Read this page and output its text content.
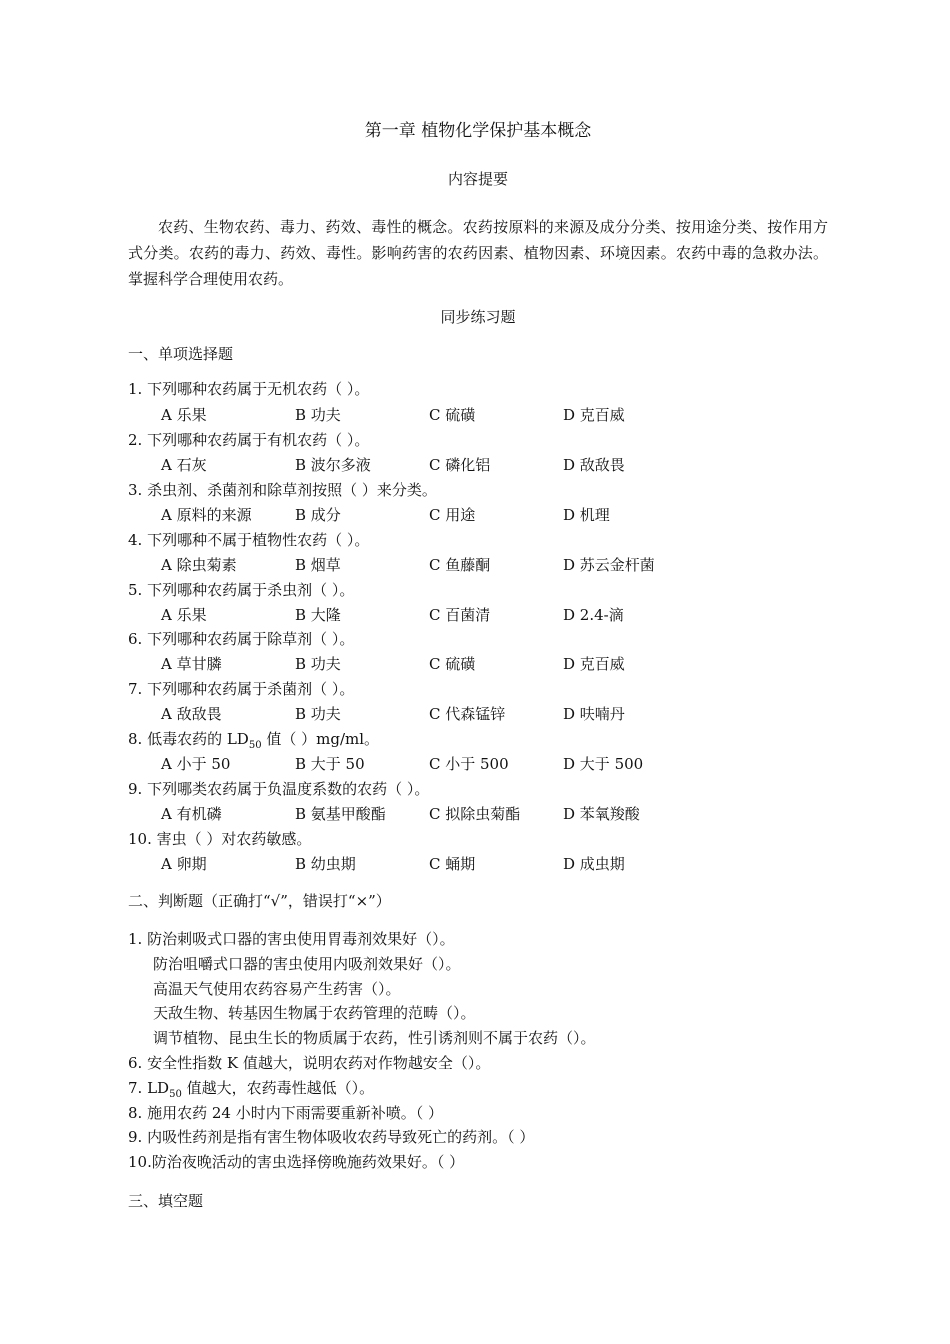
第一章 植物化学保护基本概念
内容提要
农药、生物农药、毒力、药效、毒性的概念。农药按原料的来源及成分分类、按用途分类、按作用方式分类。农药的毒力、药效、毒性。影响药害的农药因素、植物因素、环境因素。农药中毒的急救办法。掌握科学合理使用农药。
同步练习题
一、单项选择题
1. 下列哪种农药属于无机农药（ ）。
A 乐果	B 功夫	C 硫磺	D 克百威
2. 下列哪种农药属于有机农药（ ）。
A 石灰	B 波尔多液	C 磷化铝	D 敌敌畏
3. 杀虫剂、杀菌剂和除草剂按照（ ）来分类。
A 原料的来源	B 成分	C 用途	D 机理
4. 下列哪种不属于植物性农药（ ）。
A 除虫菊素	B 烟草	C 鱼藤酮	D 苏云金杆菌
5. 下列哪种农药属于杀虫剂（ ）。
A 乐果	B 大隆	C 百菌清	D 2.4-滴
6. 下列哪种农药属于除草剂（ ）。
A 草甘膦	B 功夫	C 硫磺	D 克百威
7. 下列哪种农药属于杀菌剂（ ）。
A 敌敌畏	B 功夫	C 代森锰锌	D 呋喃丹
8. 低毒农药的 $LD_{50}$ 值（ ）mg/ml。
A 小于 50	B 大于 50	C 小于 500	D 大于 500
9. 下列哪类农药属于负温度系数的农药（ ）。
A 有机磷	B 氨基甲酸酯	C 拟除虫菊酯	D 苯氧羧酸
10. 害虫（ ）对农药敏感。
A 卵期	B 幼虫期	C 蛹期	D 成虫期
二、判断题（正确打“√”，错误打“×”）
1. 防治刺吸式口器的害虫使用胃毒剂效果好（）。
防治咀嚼式口器的害虫使用内吸剂效果好（）。
高温天气使用农药容易产生药害（）。
天敌生物、转基因生物属于农药管理的范畴（）。
调节植物、昆虫生长的物质属于农药，性引诱剂则不属于农药（）。
6. 安全性指数 K 值越大，说明农药对作物越安全（）。
7. $LD_{50}$ 值越大，农药毒性越低（）。
8. 施用农药 24 小时内下雨需要重新补喷。（ ）
9. 内吸性药剂是指有害生物体吸收农药导致死亡的药剂。（ ）
10.防治夜晚活动的害虫选择傍晚施药效果好。（ ）
三、填空题
